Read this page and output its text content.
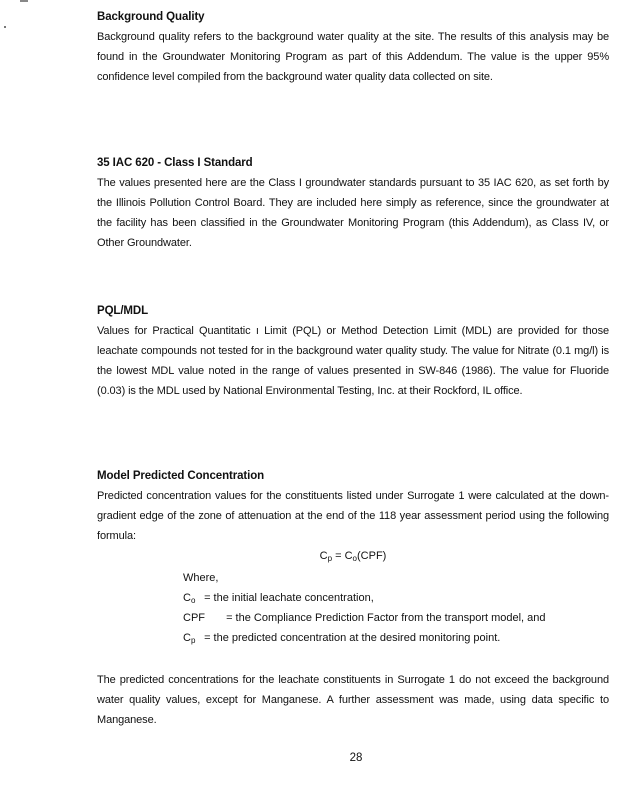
Background Quality
Background quality refers to the background water quality at the site. The results of this analysis may be found in the Groundwater Monitoring Program as part of this Addendum. The value is the upper 95% confidence level compiled from the background water quality data collected on site.
35 IAC 620 - Class I Standard
The values presented here are the Class I groundwater standards pursuant to 35 IAC 620, as set forth by the Illinois Pollution Control Board. They are included here simply as reference, since the groundwater at the facility has been classified in the Groundwater Monitoring Program (this Addendum), as Class IV, or Other Groundwater.
PQL/MDL
Values for Practical Quantitatic ı Limit (PQL) or Method Detection Limit (MDL) are provided for those leachate compounds not tested for in the background water quality study. The value for Nitrate (0.1 mg/l) is the lowest MDL value noted in the range of values presented in SW-846 (1986). The value for Fluoride (0.03) is the MDL used by National Environmental Testing, Inc. at their Rockford, IL office.
Model Predicted Concentration
Predicted concentration values for the constituents listed under Surrogate 1 were calculated at the down-gradient edge of the zone of attenuation at the end of the 118 year assessment period using the following formula:
$C_p = C_o(CPF)$
Where,
$C_o$ = the initial leachate concentration,
CPF = the Compliance Prediction Factor from the transport model, and
$C_p$ = the predicted concentration at the desired monitoring point.
The predicted concentrations for the leachate constituents in Surrogate 1 do not exceed the background water quality values, except for Manganese. A further assessment was made, using data specific to Manganese.
28
